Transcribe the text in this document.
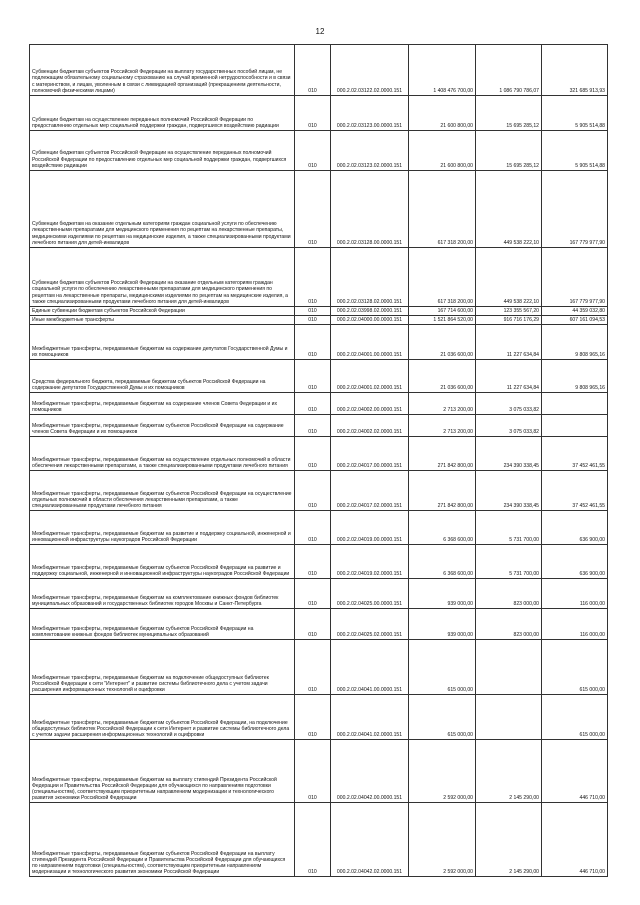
12
Субвенции бюджетам субъектов Российской Федерации на выплату государственных пособий лицам, не подлежащим обязательному социальному страхованию на случай временной нетрудоспособности и в связи с материнством, и лицам, уволенным в связи с ликвидацией организаций (прекращением деятельности, полномочий физическими лицами)	010	000.2.02.03122.02.0000.151	1 408 476 700,00	1 086 790 786,07	321 685 913,93
Субвенции бюджетам на осуществление переданных полномочий Российской Федерации по предоставлению отдельных мер социальной поддержки граждан, подвергшихся воздействию радиации	010	000.2.02.03123.00.0000.151	21 600 800,00	15 695 285,12	5 905 514,88
Субвенции бюджетам субъектов Российской Федерации на осуществление переданных полномочий Российской Федерации по предоставлению отдельных мер социальной поддержки граждан, подвергшихся воздействию радиации	010	000.2.02.03123.02.0000.151	21 600 800,00	15 695 285,12	5 905 514,88
Субвенции бюджетам на оказание отдельным категориям граждан социальной услуги по обеспечению лекарственными препаратами для медицинского применения по рецептам на лекарственные препараты, медицинскими изделиями по рецептам на медицинские изделия, а также специализированными продуктами лечебного питания для детей-инвалидов	010	000.2.02.03128.00.0000.151	617 318 200,00	449 538 222,10	167 779 977,90
Субвенции бюджетам субъектов Российской Федерации на оказание отдельным категориям граждан социальной услуги по обеспечению лекарственными препаратами для медицинского применения по рецептам на лекарственные препараты, медицинскими изделиями по рецептам на медицинские изделия, а также специализированными продуктами лечебного питания для детей-инвалидов	010	000.2.02.03128.02.0000.151	617 318 200,00	449 538 222,10	167 779 977,90
Единые субвенции бюджетам субъектов Российской Федерации	010	000.2.02.03998.02.0000.151	167 714 600,00	123 355 567,20	44 359 032,80
Иные межбюджетные трансферты	010	000.2.02.04000.00.0000.151	1 521 864 520,00	916 716 176,29	607 161 094,53
Межбюджетные трансферты, передаваемые бюджетам на содержание депутатов Государственной Думы и их помощников	010	000.2.02.04001.00.0000.151	21 036 600,00	11 227 634,84	9 808 965,16
Средства федерального бюджета, передаваемые бюджетам субъектов Российской Федерации на содержание депутатов Государственной Думы и их помощников	010	000.2.02.04001.02.0000.151	21 036 600,00	11 227 634,84	9 808 965,16
Межбюджетные трансферты, передаваемые бюджетам на содержание членов Совета Федерации и их помощников	010	000.2.02.04002.00.0000.151	2 713 200,00	3 075 033,82	
Межбюджетные трансферты, передаваемые бюджетам субъектов Российской Федерации на содержание членов Совета Федерации и их помощников	010	000.2.02.04002.02.0000.151	2 713 200,00	3 075 033,82	
Межбюджетные трансферты, передаваемые бюджетам на осуществление отдельных полномочий в области обеспечения лекарственными препаратами, а также специализированными продуктами лечебного питания	010	000.2.02.04017.00.0000.151	271 842 800,00	234 390 338,45	37 452 461,55
Межбюджетные трансферты, передаваемые бюджетам субъектов Российской Федерации на осуществление отдельных полномочий в области обеспечения лекарственными препаратами, а также специализированными продуктами лечебного питания	010	000.2.02.04017.02.0000.151	271 842 800,00	234 390 338,45	37 452 461,55
Межбюджетные трансферты, передаваемые бюджетам на развитие и поддержку социальной, инженерной и инновационной инфраструктуры наукоградов Российской Федерации	010	000.2.02.04019.00.0000.151	6 368 600,00	5 731 700,00	636 900,00
Межбюджетные трансферты, передаваемые бюджетам субъектов Российской Федерации на развитие и поддержку социальной, инженерной и инновационной инфраструктуры наукоградов Российской Федерации	010	000.2.02.04019.02.0000.151	6 368 600,00	5 731 700,00	636 900,00
Межбюджетные трансферты, передаваемые бюджетам на комплектование книжных фондов библиотек муниципальных образований и государственных библиотек городов Москвы и Санкт-Петербурга	010	000.2.02.04025.00.0000.151	939 000,00	823 000,00	116 000,00
Межбюджетные трансферты, передаваемые бюджетам субъектов Российской Федерации на комплектование книжных фондов библиотек муниципальных образований	010	000.2.02.04025.02.0000.151	939 000,00	823 000,00	116 000,00
Межбюджетные трансферты, передаваемые бюджетам на подключение общедоступных библиотек Российской Федерации к сети "Интернет" и развитие системы библиотечного дела с учетом задачи расширения информационных технологий и оцифровки	010	000.2.02.04041.00.0000.151	615 000,00		615 000,00
Межбюджетные трансферты, передаваемые бюджетам субъектов Российской Федерации, на подключение общедоступных библиотек Российской Федерации к сети Интернет и развитие системы библиотечного дела с учетом задачи расширения информационных технологий и оцифровки	010	000.2.02.04041.02.0000.151	615 000,00		615 000,00
Межбюджетные трансферты, передаваемые бюджетам на выплату стипендий Президента Российской Федерации и Правительства Российской Федерации для обучающихся по направлениям подготовки (специальностям), соответствующим приоритетным направлениям модернизации и технологического развития экономики Российской Федерации	010	000.2.02.04042.00.0000.151	2 592 000,00	2 145 290,00	446 710,00
Межбюджетные трансферты, передаваемые бюджетам субъектов Российской Федерации на выплату стипендий Президента Российской Федерации и Правительства Российской Федерации для обучающихся по направлениям подготовки (специальностям), соответствующим приоритетным направлениям модернизации и технологического развития экономики Российской Федерации	010	000.2.02.04042.02.0000.151	2 592 000,00	2 145 290,00	446 710,00
